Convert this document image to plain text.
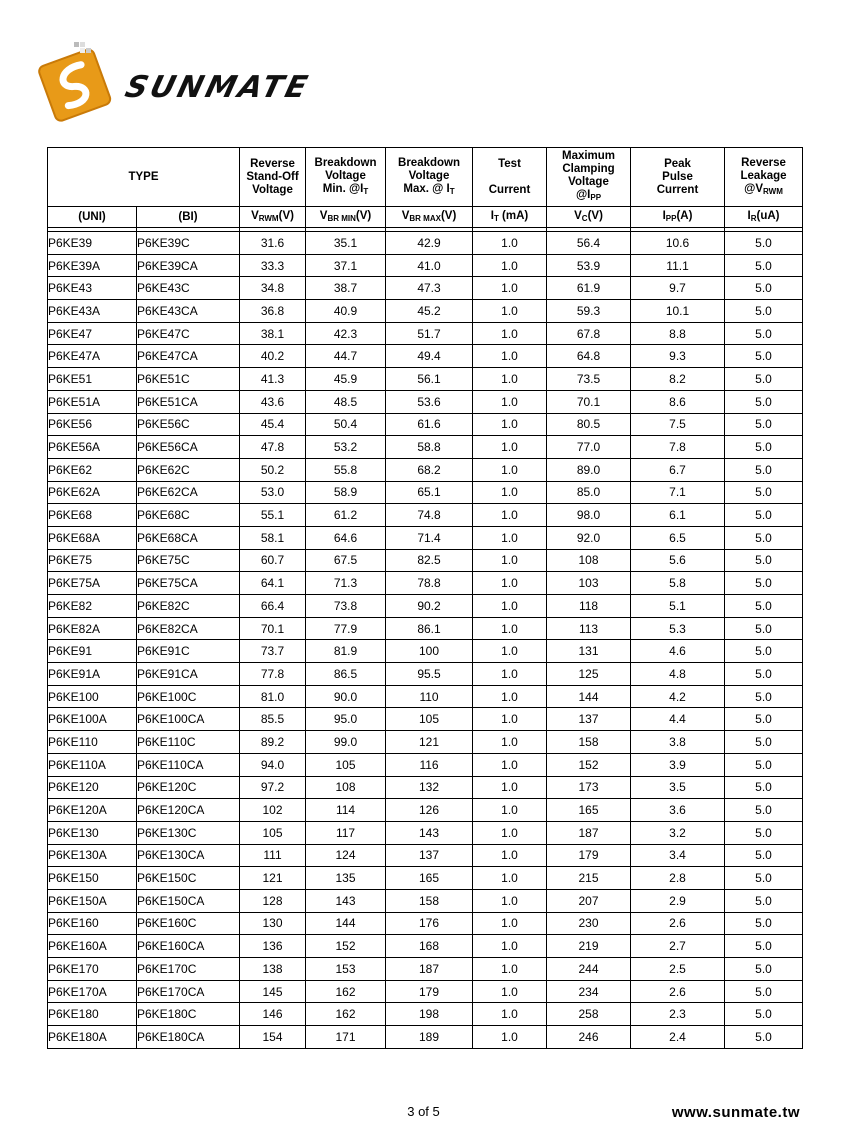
SUNMATE
TYPE		Reverse
Stand-Off
Voltage	Breakdown
Voltage
Min. $@I_T$	Breakdown
Voltage
Max. @ $I_T$	Test

Current	Maximum
Clamping
Voltage
$@I_{PP}$	Peak
Pulse
Current	Reverse
Leakage
$@V_{RWM}$
(UNI)	(BI)	$V_{RWM}(V)$	$V_{BR MIN}(V)$	$V_{BR MAX}(V)$	$I_T$ (mA)	$V_C(V)$	$I_{PP}(A)$	$I_R(uA)$

P6KE39	P6KE39C	31.6	35.1	42.9	1.0	56.4	10.6	5.0
P6KE39A	P6KE39CA	33.3	37.1	41.0	1.0	53.9	11.1	5.0
P6KE43	P6KE43C	34.8	38.7	47.3	1.0	61.9	9.7	5.0
P6KE43A	P6KE43CA	36.8	40.9	45.2	1.0	59.3	10.1	5.0
P6KE47	P6KE47C	38.1	42.3	51.7	1.0	67.8	8.8	5.0
P6KE47A	P6KE47CA	40.2	44.7	49.4	1.0	64.8	9.3	5.0
P6KE51	P6KE51C	41.3	45.9	56.1	1.0	73.5	8.2	5.0
P6KE51A	P6KE51CA	43.6	48.5	53.6	1.0	70.1	8.6	5.0
P6KE56	P6KE56C	45.4	50.4	61.6	1.0	80.5	7.5	5.0
P6KE56A	P6KE56CA	47.8	53.2	58.8	1.0	77.0	7.8	5.0
P6KE62	P6KE62C	50.2	55.8	68.2	1.0	89.0	6.7	5.0
P6KE62A	P6KE62CA	53.0	58.9	65.1	1.0	85.0	7.1	5.0
P6KE68	P6KE68C	55.1	61.2	74.8	1.0	98.0	6.1	5.0
P6KE68A	P6KE68CA	58.1	64.6	71.4	1.0	92.0	6.5	5.0
P6KE75	P6KE75C	60.7	67.5	82.5	1.0	108	5.6	5.0
P6KE75A	P6KE75CA	64.1	71.3	78.8	1.0	103	5.8	5.0
P6KE82	P6KE82C	66.4	73.8	90.2	1.0	118	5.1	5.0
P6KE82A	P6KE82CA	70.1	77.9	86.1	1.0	113	5.3	5.0
P6KE91	P6KE91C	73.7	81.9	100	1.0	131	4.6	5.0
P6KE91A	P6KE91CA	77.8	86.5	95.5	1.0	125	4.8	5.0
P6KE100	P6KE100C	81.0	90.0	110	1.0	144	4.2	5.0
P6KE100A	P6KE100CA	85.5	95.0	105	1.0	137	4.4	5.0
P6KE110	P6KE110C	89.2	99.0	121	1.0	158	3.8	5.0
P6KE110A	P6KE110CA	94.0	105	116	1.0	152	3.9	5.0
P6KE120	P6KE120C	97.2	108	132	1.0	173	3.5	5.0
P6KE120A	P6KE120CA	102	114	126	1.0	165	3.6	5.0
P6KE130	P6KE130C	105	117	143	1.0	187	3.2	5.0
P6KE130A	P6KE130CA	111	124	137	1.0	179	3.4	5.0
P6KE150	P6KE150C	121	135	165	1.0	215	2.8	5.0
P6KE150A	P6KE150CA	128	143	158	1.0	207	2.9	5.0
P6KE160	P6KE160C	130	144	176	1.0	230	2.6	5.0
P6KE160A	P6KE160CA	136	152	168	1.0	219	2.7	5.0
P6KE170	P6KE170C	138	153	187	1.0	244	2.5	5.0
P6KE170A	P6KE170CA	145	162	179	1.0	234	2.6	5.0
P6KE180	P6KE180C	146	162	198	1.0	258	2.3	5.0
P6KE180A	P6KE180CA	154	171	189	1.0	246	2.4	5.0
3 of 5	www.sunmate.tw
